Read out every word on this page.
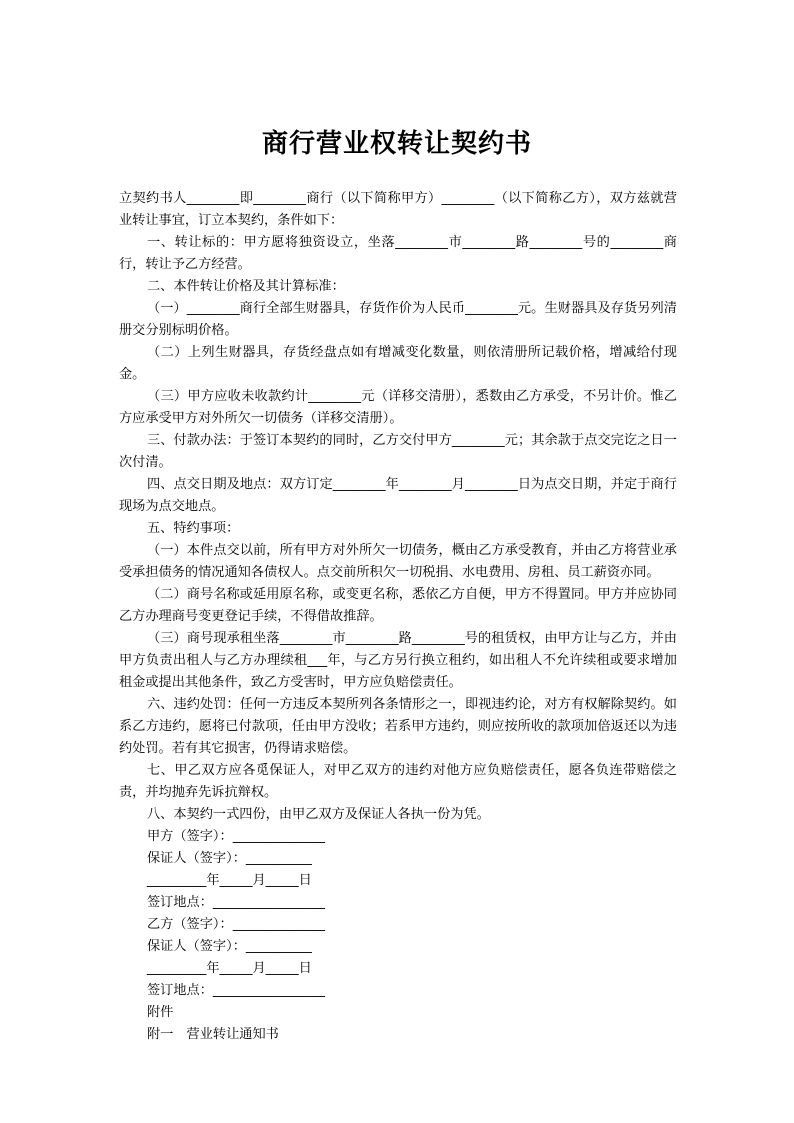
商行营业权转让契约书

立契约书人________即________商行（以下简称甲方）________（以下简称乙方），双方兹就营业转让事宜，订立本契约，条件如下：

一、转让标的：甲方愿将独资设立，坐落________市________路________号的________商行，转让予乙方经营。

二、本件转让价格及其计算标准：

（一）________商行全部生财器具，存货作价为人民币________元。生财器具及存货另列清册交分别标明价格。

（二）上列生财器具，存货经盘点如有增减变化数量，则依清册所记载价格，增减给付现金。

（三）甲方应收未收款约计________元（详移交清册），悉数由乙方承受，不另计价。惟乙方应承受甲方对外所欠一切债务（详移交清册）。

三、付款办法：于签订本契约的同时，乙方交付甲方________元；其余款于点交完讫之日一次付清。

四、点交日期及地点：双方订定________年________月________日为点交日期，并定于商行现场为点交地点。

五、特约事项：

（一）本件点交以前，所有甲方对外所欠一切债务，概由乙方承受教育，并由乙方将营业承受承担债务的情况通知各债权人。点交前所积欠一切税捐、水电费用、房租、员工薪资亦同。

（二）商号名称或延用原名称，或变更名称，悉依乙方自便，甲方不得置同。甲方并应协同乙方办理商号变更登记手续，不得借故推辞。

（三）商号现承租坐落________市________路________号的租赁权，由甲方让与乙方，并由甲方负责出租人与乙方办理续租___年，与乙方另行换立租约，如出租人不允许续租或要求增加租金或提出其他条件，致乙方受害时，甲方应负赔偿责任。

六、违约处罚：任何一方违反本契所列各条情形之一，即视违约论，对方有权解除契约。如系乙方违约，愿将已付款项，任由甲方没收；若系甲方违约，则应按所收的款项加倍返还以为违约处罚。若有其它损害，仍得请求赔偿。

七、甲乙双方应各觅保证人，对甲乙双方的违约对他方应负赔偿责任，愿各负连带赔偿之责，并均抛弃先诉抗辩权。

八、本契约一式四份，由甲乙双方及保证人各执一份为凭。

甲方（签字）：______________
保证人（签字）：__________
_________年_____月_____日
签订地点：_________________
乙方（签字）：______________
保证人（签字）：__________
_________年_____月_____日
签订地点：_________________
附件
附一　营业转让通知书
